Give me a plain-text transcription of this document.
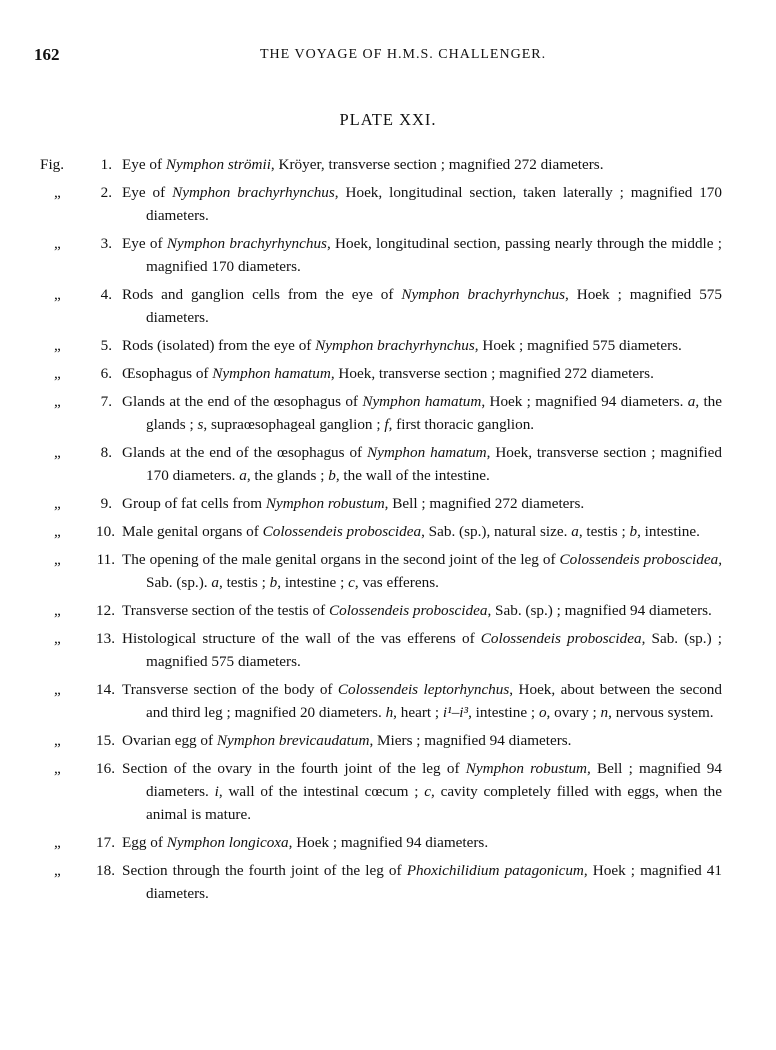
162	THE VOYAGE OF H.M.S. CHALLENGER.
PLATE XXI.
Fig.	1. Eye of Nymphon strömii, Kröyer, transverse section ; magnified 272 diameters.
„	2. Eye of Nymphon brachyrhynchus, Hoek, longitudinal section, taken laterally ; magnified 170 diameters.
„	3. Eye of Nymphon brachyrhynchus, Hoek, longitudinal section, passing nearly through the middle ; magnified 170 diameters.
„	4. Rods and ganglion cells from the eye of Nymphon brachyrhynchus, Hoek ; magnified 575 diameters.
„	5. Rods (isolated) from the eye of Nymphon brachyrhynchus, Hoek ; magnified 575 diameters.
„	6. Œsophagus of Nymphon hamatum, Hoek, transverse section ; magnified 272 diameters.
„	7. Glands at the end of the œsophagus of Nymphon hamatum, Hoek ; magnified 94 diameters. a, the glands ; s, supraœsophageal ganglion ; f, first thoracic ganglion.
„	8. Glands at the end of the œsophagus of Nymphon hamatum, Hoek, transverse section ; magnified 170 diameters. a, the glands ; b, the wall of the intestine.
„	9. Group of fat cells from Nymphon robustum, Bell ; magnified 272 diameters.
„	10. Male genital organs of Colossendeis proboscidea, Sab. (sp.), natural size. a, testis ; b, intestine.
„	11. The opening of the male genital organs in the second joint of the leg of Colossendeis proboscidea, Sab. (sp.). a, testis ; b, intestine ; c, vas efferens.
„	12. Transverse section of the testis of Colossendeis proboscidea, Sab. (sp.) ; magnified 94 diameters.
„	13. Histological structure of the wall of the vas efferens of Colossendeis proboscidea, Sab. (sp.) ; magnified 575 diameters.
„	14. Transverse section of the body of Colossendeis leptorhynchus, Hoek, about between the second and third leg ; magnified 20 diameters. h, heart ; i¹–i³, intestine ; o, ovary ; n, nervous system.
„	15. Ovarian egg of Nymphon brevicaudatum, Miers ; magnified 94 diameters.
„	16. Section of the ovary in the fourth joint of the leg of Nymphon robustum, Bell ; magnified 94 diameters. i, wall of the intestinal cœcum ; c, cavity completely filled with eggs, when the animal is mature.
„	17. Egg of Nymphon longicoxa, Hoek ; magnified 94 diameters.
„	18. Section through the fourth joint of the leg of Phoxichilidium patagonicum, Hoek ; magnified 41 diameters.
